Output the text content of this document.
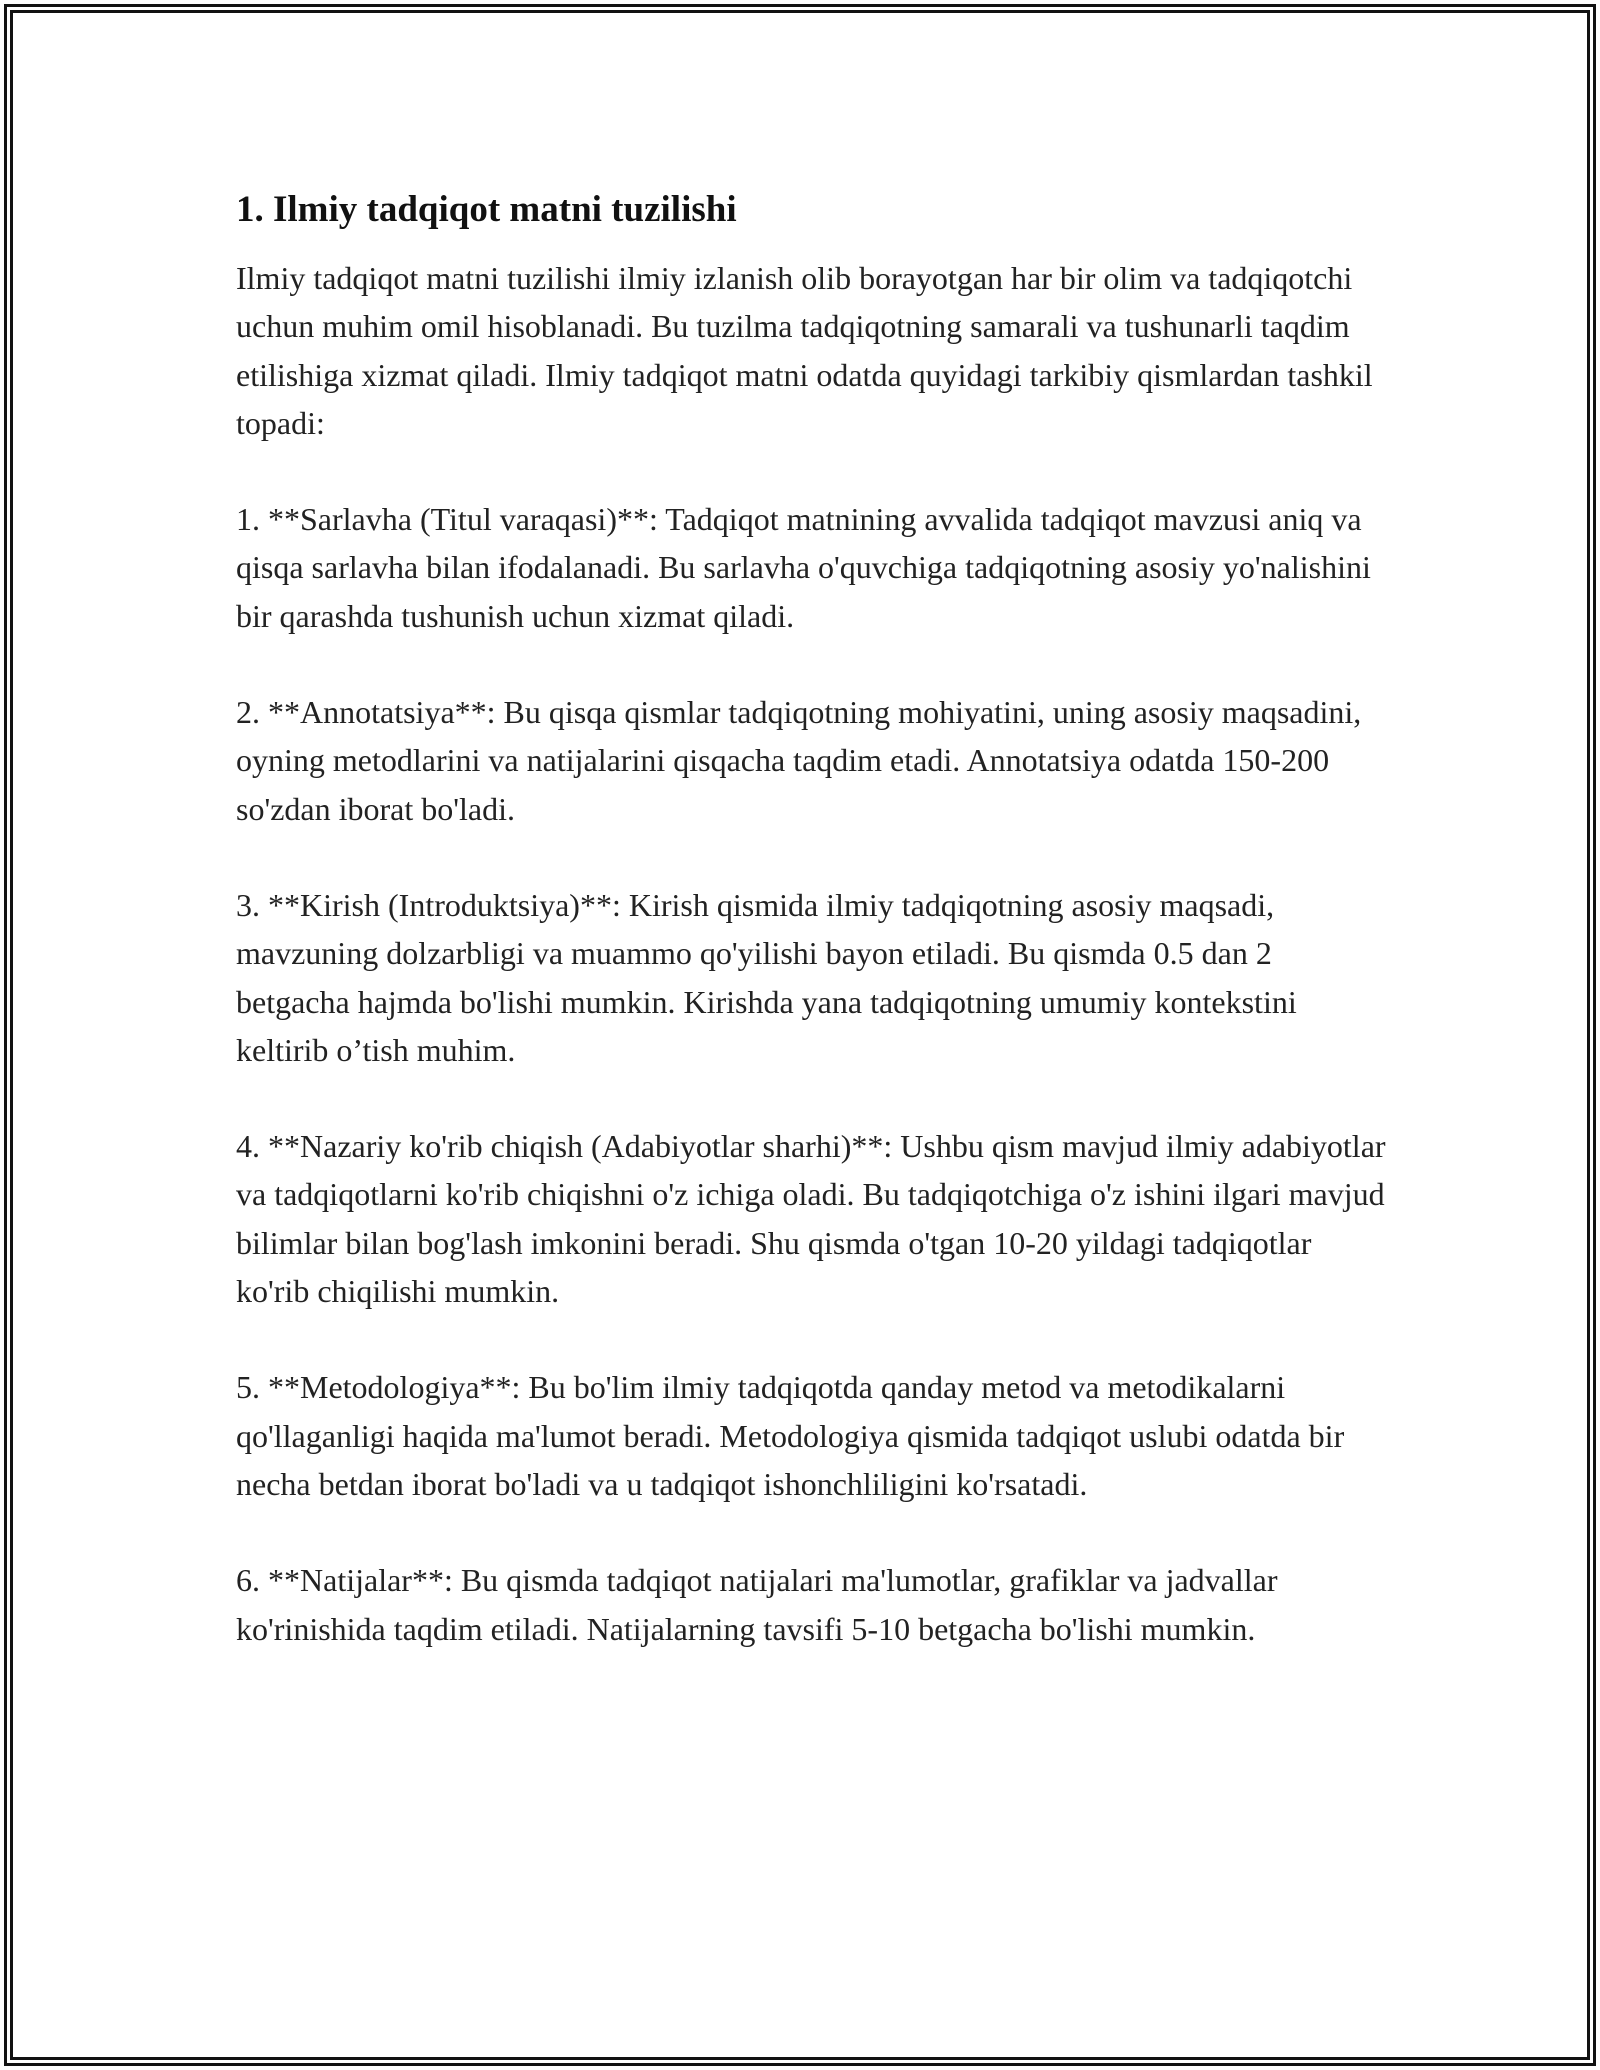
1. Ilmiy tadqiqot matni tuzilishi

Ilmiy tadqiqot matni tuzilishi ilmiy izlanish olib borayotgan har bir olim va tadqiqotchi uchun muhim omil hisoblanadi. Bu tuzilma tadqiqotning samarali va tushunarli taqdim etilishiga xizmat qiladi. Ilmiy tadqiqot matni odatda quyidagi tarkibiy qismlardan tashkil topadi:

1. **Sarlavha (Titul varaqasi)**: Tadqiqot matnining avvalida tadqiqot mavzusi aniq va qisqa sarlavha bilan ifodalanadi. Bu sarlavha o'quvchiga tadqiqotning asosiy yo'nalishini bir qarashda tushunish uchun xizmat qiladi.

2. **Annotatsiya**: Bu qisqa qismlar tadqiqotning mohiyatini, uning asosiy maqsadini, oyning metodlarini va natijalarini qisqacha taqdim etadi. Annotatsiya odatda 150-200 so'zdan iborat bo'ladi.

3. **Kirish (Introduktsiya)**: Kirish qismida ilmiy tadqiqotning asosiy maqsadi, mavzuning dolzarbligi va muammo qo'yilishi bayon etiladi. Bu qismda 0.5 dan 2 betgacha hajmda bo'lishi mumkin. Kirishda yana tadqiqotning umumiy kontekstini keltirib o’tish muhim.

4. **Nazariy ko'rib chiqish (Adabiyotlar sharhi)**: Ushbu qism mavjud ilmiy adabiyotlar va tadqiqotlarni ko'rib chiqishni o'z ichiga oladi. Bu tadqiqotchiga o'z ishini ilgari mavjud bilimlar bilan bog'lash imkonini beradi. Shu qismda o'tgan 10-20 yildagi tadqiqotlar ko'rib chiqilishi mumkin.

5. **Metodologiya**: Bu bo'lim ilmiy tadqiqotda qanday metod va metodikalarni qo'llaganligi haqida ma'lumot beradi. Metodologiya qismida tadqiqot uslubi odatda bir necha betdan iborat bo'ladi va u tadqiqot ishonchliligini ko'rsatadi.

6. **Natijalar**: Bu qismda tadqiqot natijalari ma'lumotlar, grafiklar va jadvallar ko'rinishida taqdim etiladi. Natijalarning tavsifi 5-10 betgacha bo'lishi mumkin.
